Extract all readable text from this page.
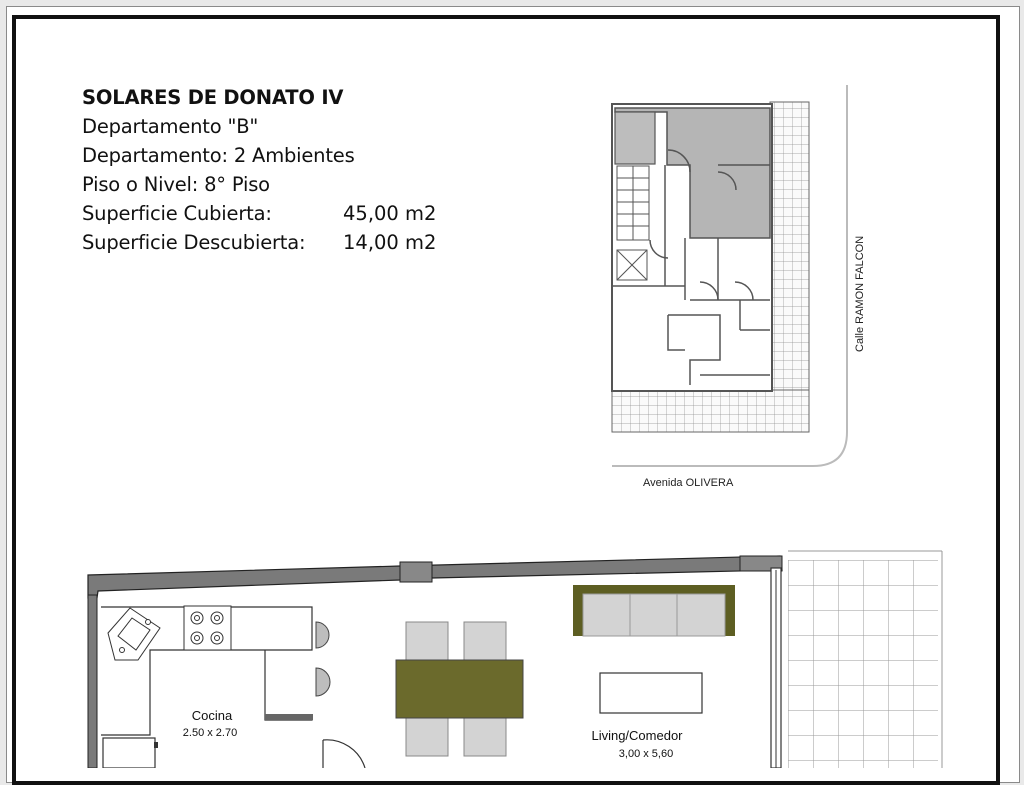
SOLARES DE DONATO IV
Departamento "B"
Departamento: 2 Ambientes
Piso o Nivel: 8° Piso
Superficie Cubierta:	45,00 m2
Superficie Descubierta: 14,00 m2	Calle RAMON FALCON
Avenida OLIVERA
Cocina
2.50 x 2.70	Living/Comedor
3,00 x 5,60
